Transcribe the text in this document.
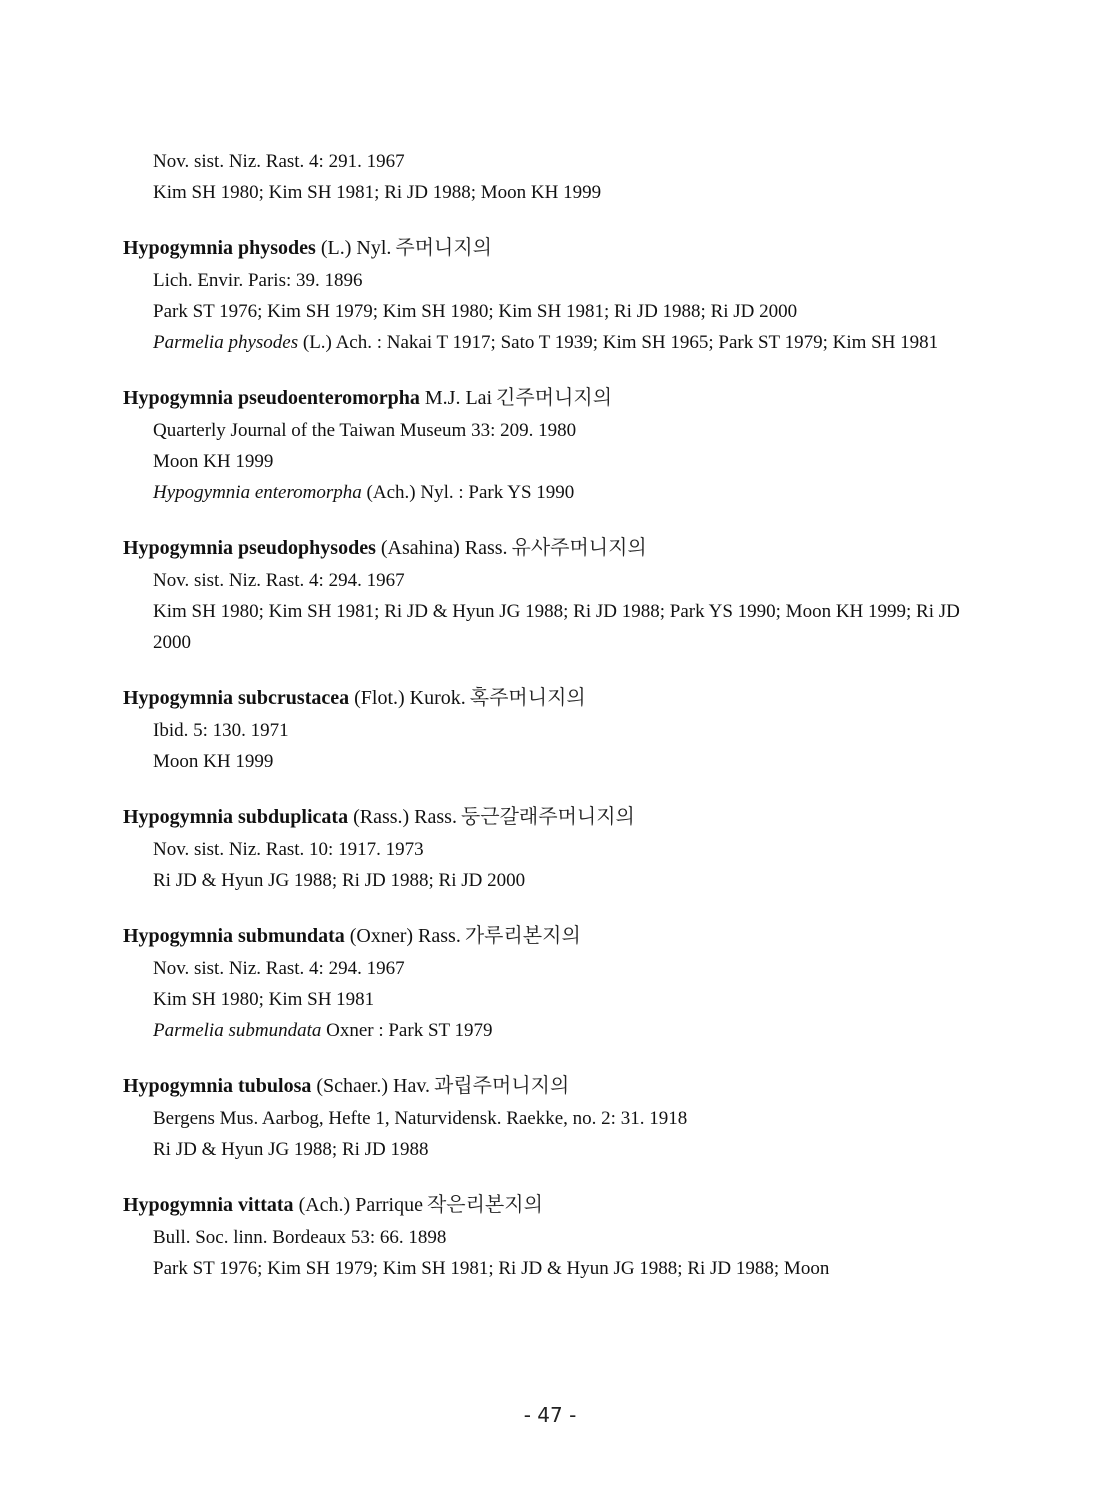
Nov. sist. Niz. Rast. 4: 291. 1967
Kim SH 1980; Kim SH 1981; Ri JD 1988; Moon KH 1999
Hypogymnia physodes (L.) Nyl. 주머니지의
Lich. Envir. Paris: 39. 1896
Park ST 1976; Kim SH 1979; Kim SH 1980; Kim SH 1981; Ri JD 1988; Ri JD 2000
Parmelia physodes (L.) Ach. : Nakai T 1917; Sato T 1939; Kim SH 1965; Park ST 1979; Kim SH 1981
Hypogymnia pseudoenteromorpha M.J. Lai 긴주머니지의
Quarterly Journal of the Taiwan Museum 33: 209. 1980
Moon KH 1999
Hypogymnia enteromorpha (Ach.) Nyl. : Park YS 1990
Hypogymnia pseudophysodes (Asahina) Rass. 유사주머니지의
Nov. sist. Niz. Rast. 4: 294. 1967
Kim SH 1980; Kim SH 1981; Ri JD & Hyun JG 1988; Ri JD 1988; Park YS 1990; Moon KH 1999; Ri JD 2000
Hypogymnia subcrustacea (Flot.) Kurok. 혹주머니지의
Ibid. 5: 130. 1971
Moon KH 1999
Hypogymnia subduplicata (Rass.) Rass. 둥근갈래주머니지의
Nov. sist. Niz. Rast. 10: 1917. 1973
Ri JD & Hyun JG 1988; Ri JD 1988; Ri JD 2000
Hypogymnia submundata (Oxner) Rass. 가루리본지의
Nov. sist. Niz. Rast. 4: 294. 1967
Kim SH 1980; Kim SH 1981
Parmelia submundata Oxner : Park ST 1979
Hypogymnia tubulosa (Schaer.) Hav. 과립주머니지의
Bergens Mus. Aarbog, Hefte 1, Naturvidensk. Raekke, no. 2: 31. 1918
Ri JD & Hyun JG 1988; Ri JD 1988
Hypogymnia vittata (Ach.) Parrique 작은리본지의
Bull. Soc. linn. Bordeaux 53: 66. 1898
Park ST 1976; Kim SH 1979; Kim SH 1981; Ri JD & Hyun JG 1988; Ri JD 1988; Moon
- 47 -
